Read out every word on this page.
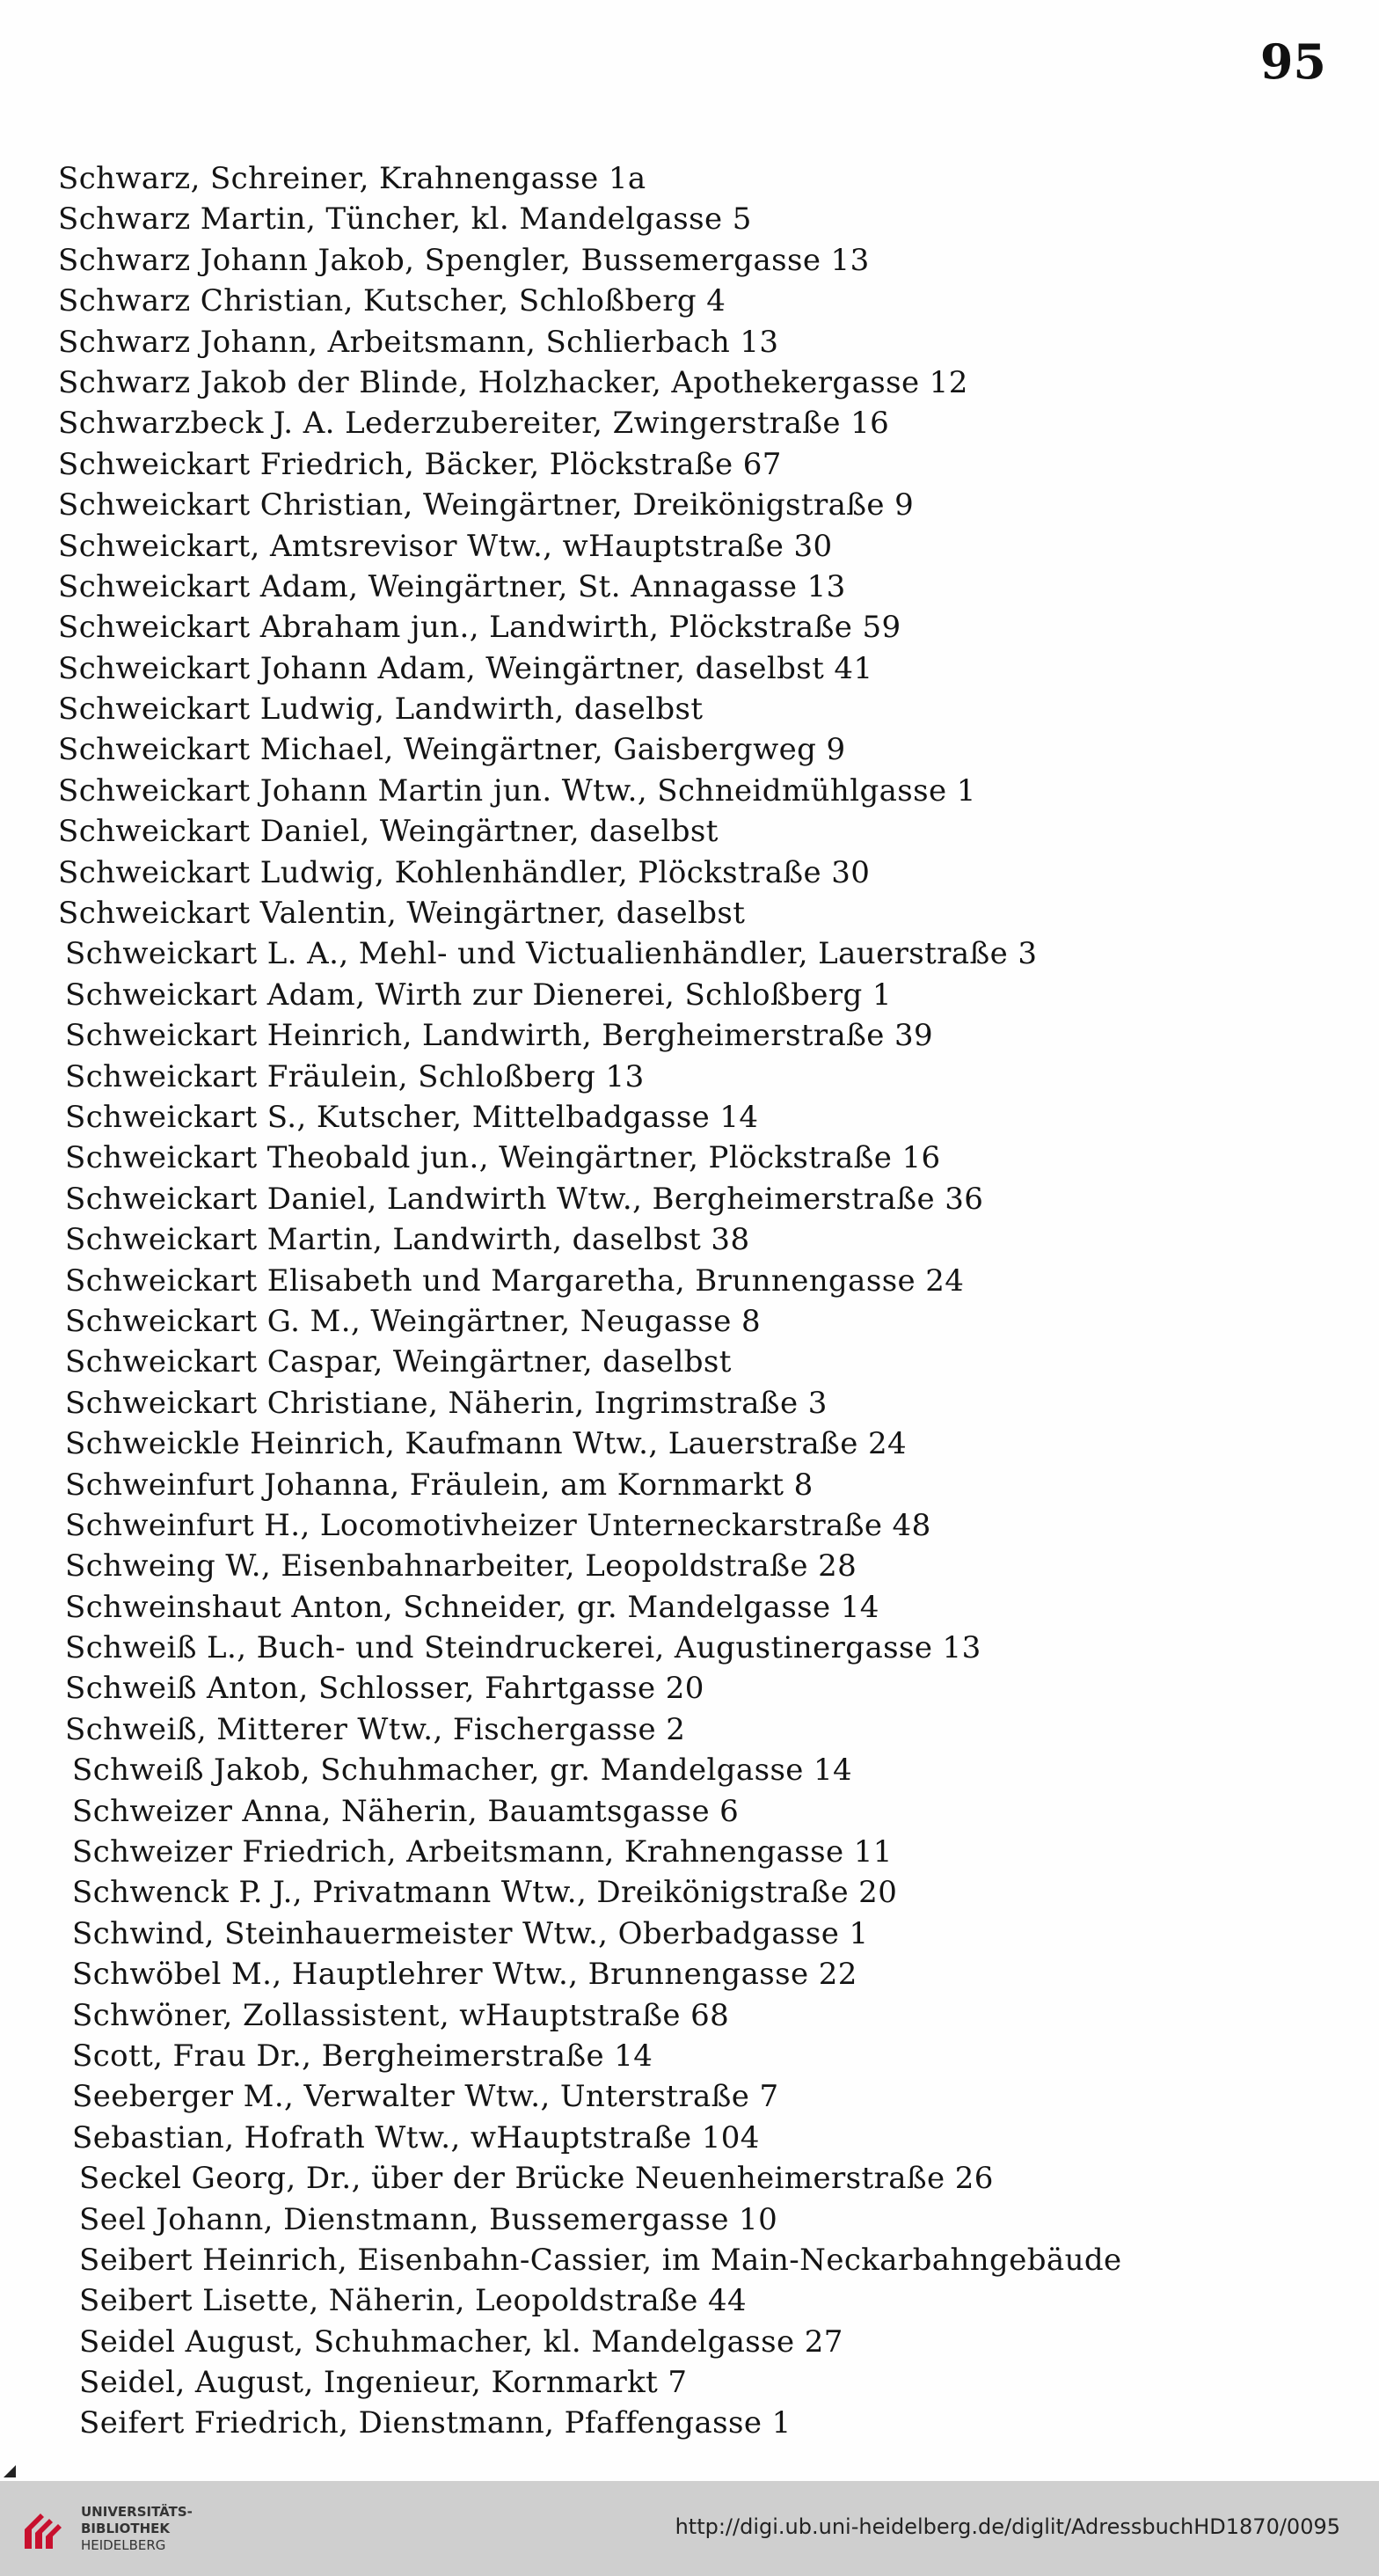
95
Schwarz, Schreiner, Krahnengasse 1a
Schwarz Martin, Tüncher, kl. Mandelgasse 5
Schwarz Johann Jakob, Spengler, Bussemergasse 13
Schwarz Christian, Kutscher, Schloßberg 4
Schwarz Johann, Arbeitsmann, Schlierbach 13
Schwarz Jakob der Blinde, Holzhacker, Apothekergasse 12
Schwarzbeck J. A. Lederzubereiter, Zwingerstraße 16
Schweickart Friedrich, Bäcker, Plöckstraße 67
Schweickart Christian, Weingärtner, Dreikönigstraße 9
Schweickart, Amtsrevisor Wtw., wHauptstraße 30
Schweickart Adam, Weingärtner, St. Annagasse 13
Schweickart Abraham jun., Landwirth, Plöckstraße 59
Schweickart Johann Adam, Weingärtner, daselbst 41
Schweickart Ludwig, Landwirth, daselbst
Schweickart Michael, Weingärtner, Gaisbergweg 9
Schweickart Johann Martin jun. Wtw., Schneidmühlgasse 1
Schweickart Daniel, Weingärtner, daselbst
Schweickart Ludwig, Kohlenhändler, Plöckstraße 30
Schweickart Valentin, Weingärtner, daselbst
Schweickart L. A., Mehl- und Victualienhändler, Lauerstraße 3
Schweickart Adam, Wirth zur Dienerei, Schloßberg 1
Schweickart Heinrich, Landwirth, Bergheimerstraße 39
Schweickart Fräulein, Schloßberg 13
Schweickart S., Kutscher, Mittelbadgasse 14
Schweickart Theobald jun., Weingärtner, Plöckstraße 16
Schweickart Daniel, Landwirth Wtw., Bergheimerstraße 36
Schweickart Martin, Landwirth, daselbst 38
Schweickart Elisabeth und Margaretha, Brunnengasse 24
Schweickart G. M., Weingärtner, Neugasse 8
Schweickart Caspar, Weingärtner, daselbst
Schweickart Christiane, Näherin, Ingrimstraße 3
Schweickle Heinrich, Kaufmann Wtw., Lauerstraße 24
Schweinfurt Johanna, Fräulein, am Kornmarkt 8
Schweinfurt H., Locomotivheizer Unterneckarstraße 48
Schweing W., Eisenbahnarbeiter, Leopoldstraße 28
Schweinshaut Anton, Schneider, gr. Mandelgasse 14
Schweiß L., Buch- und Steindruckerei, Augustinergasse 13
Schweiß Anton, Schlosser, Fahrtgasse 20
Schweiß, Mitterer Wtw., Fischergasse 2
Schweiß Jakob, Schuhmacher, gr. Mandelgasse 14
Schweizer Anna, Näherin, Bauamtsgasse 6
Schweizer Friedrich, Arbeitsmann, Krahnengasse 11
Schwenck P. J., Privatmann Wtw., Dreikönigstraße 20
Schwind, Steinhauermeister Wtw., Oberbadgasse 1
Schwöbel M., Hauptlehrer Wtw., Brunnengasse 22
Schwöner, Zollassistent, wHauptstraße 68
Scott, Frau Dr., Bergheimerstraße 14
Seeberger M., Verwalter Wtw., Unterstraße 7
Sebastian, Hofrath Wtw., wHauptstraße 104
Seckel Georg, Dr., über der Brücke Neuenheimerstraße 26
Seel Johann, Dienstmann, Bussemergasse 10
Seibert Heinrich, Eisenbahn-Cassier, im Main-Neckarbahngebäude
Seibert Lisette, Näherin, Leopoldstraße 44
Seidel August, Schuhmacher, kl. Mandelgasse 27
Seidel, August, Ingenieur, Kornmarkt 7
Seifert Friedrich, Dienstmann, Pfaffengasse 1
UNIVERSITÄTS-
BIBLIOTHEK
HEIDELBERG
http://digi.ub.uni-heidelberg.de/diglit/AdressbuchHD1870/0095
